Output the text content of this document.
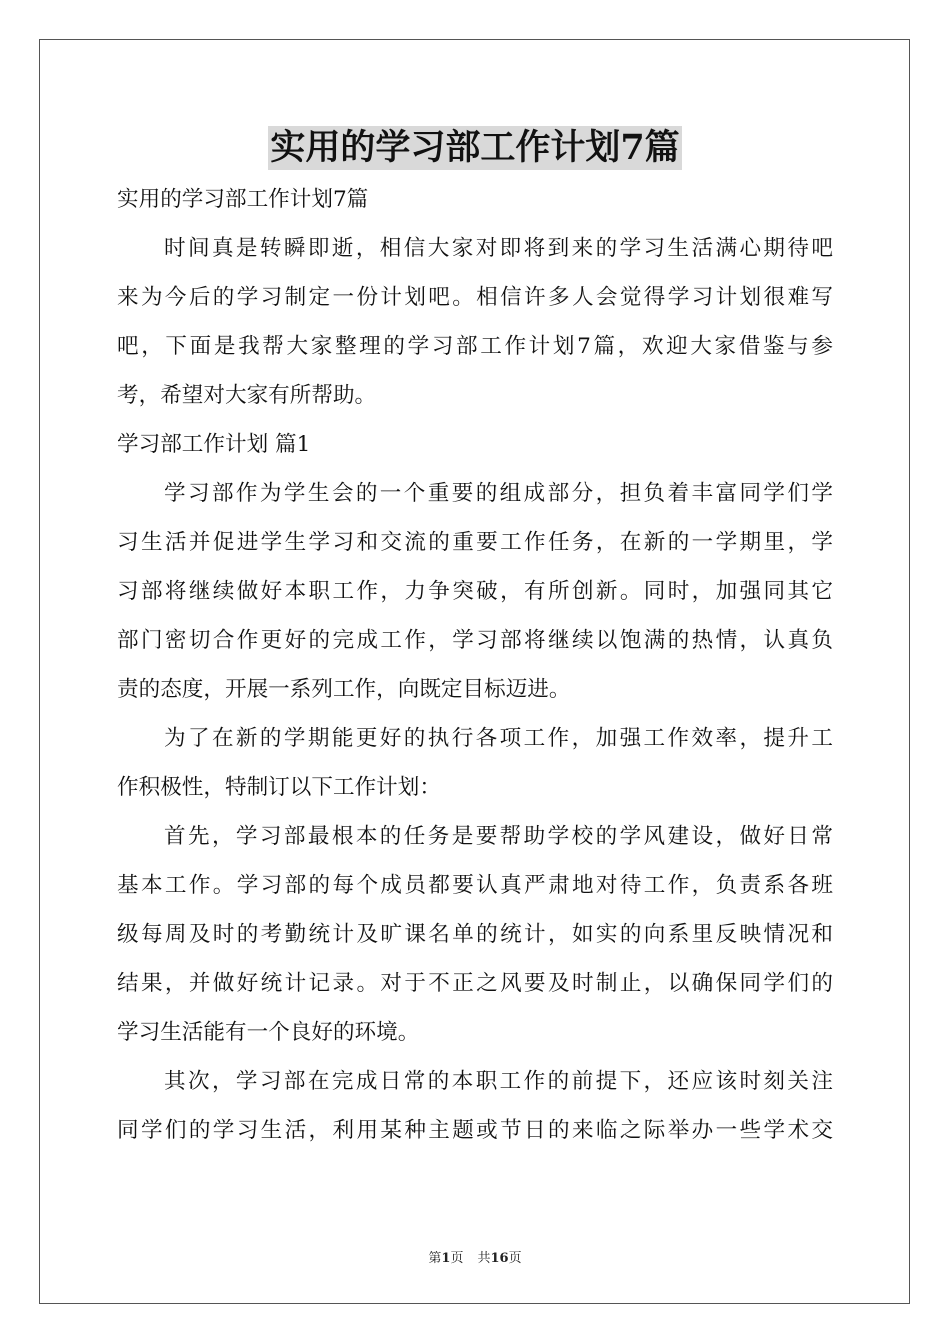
实用的学习部工作计划7篇
实用的学习部工作计划7篇
时间真是转瞬即逝，相信大家对即将到来的学习生活满心期待吧
来为今后的学习制定一份计划吧。相信许多人会觉得学习计划很难写
吧，下面是我帮大家整理的学习部工作计划7篇，欢迎大家借鉴与参
考，希望对大家有所帮助。
学习部工作计划 篇1
学习部作为学生会的一个重要的组成部分，担负着丰富同学们学
习生活并促进学生学习和交流的重要工作任务，在新的一学期里，学
习部将继续做好本职工作，力争突破，有所创新。同时，加强同其它
部门密切合作更好的完成工作，学习部将继续以饱满的热情，认真负
责的态度，开展一系列工作，向既定目标迈进。
为了在新的学期能更好的执行各项工作，加强工作效率，提升工
作积极性，特制订以下工作计划：
首先，学习部最根本的任务是要帮助学校的学风建设，做好日常
基本工作。学习部的每个成员都要认真严肃地对待工作，负责系各班
级每周及时的考勤统计及旷课名单的统计，如实的向系里反映情况和
结果，并做好统计记录。对于不正之风要及时制止，以确保同学们的
学习生活能有一个良好的环境。
其次，学习部在完成日常的本职工作的前提下，还应该时刻关注
同学们的学习生活，利用某种主题或节日的来临之际举办一些学术交
第1页 共16页
